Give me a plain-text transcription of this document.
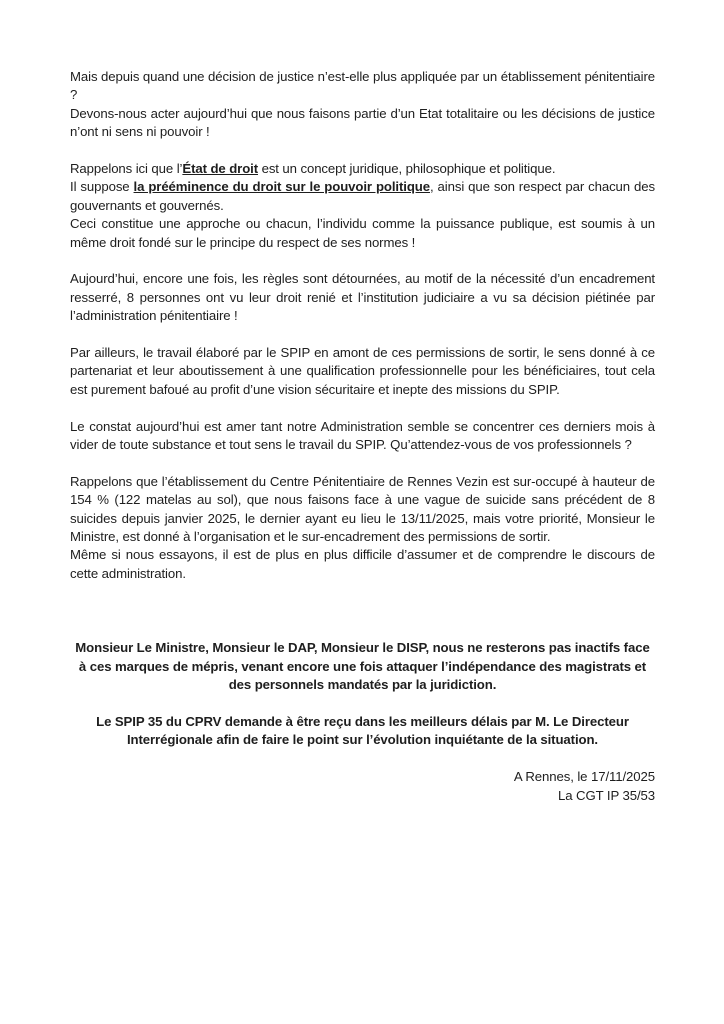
Mais depuis quand une décision de justice n’est-elle plus appliquée par un établissement pénitentiaire ?
Devons-nous acter aujourd’hui que nous faisons partie d’un Etat totalitaire ou les décisions de justice n’ont ni sens ni pouvoir !
Rappelons ici que l’État de droit est un concept juridique, philosophique et politique.
Il suppose la prééminence du droit sur le pouvoir politique, ainsi que son respect par chacun des gouvernants et gouvernés.
Ceci constitue une approche ou chacun, l’individu comme la puissance publique, est soumis à un même droit fondé sur le principe du respect de ses normes !

Aujourd’hui, encore une fois, les règles sont détournées, au motif de la nécessité d’un encadrement resserré, 8 personnes ont vu leur droit renié et l’institution judiciaire a vu sa décision piétinée par l’administration pénitentiaire !

Par ailleurs, le travail élaboré par le SPIP en amont de ces permissions de sortir, le sens donné à ce partenariat et leur aboutissement à une qualification professionnelle pour les bénéficiaires, tout cela est purement bafoué au profit d’une vision sécuritaire et inepte des missions du SPIP.

Le constat aujourd’hui est amer tant notre Administration semble se concentrer ces derniers mois à vider de toute substance et tout sens le travail du SPIP. Qu’attendez-vous de vos professionnels ?

Rappelons que l’établissement du Centre Pénitentiaire de Rennes Vezin est sur-occupé à hauteur de 154 % (122 matelas au sol), que nous faisons face à une vague de suicide sans précédent de 8 suicides depuis janvier 2025, le dernier ayant eu lieu le 13/11/2025, mais votre priorité, Monsieur le Ministre, est donné à l’organisation et le sur-encadrement des permissions de sortir.
Même si nous essayons, il est de plus en plus difficile d’assumer et de comprendre le discours de cette administration.

Monsieur Le Ministre, Monsieur le DAP, Monsieur le DISP, nous ne resterons pas inactifs face à ces marques de mépris, venant encore une fois attaquer l’indépendance des magistrats et des personnels mandatés par la juridiction.

Le SPIP 35 du CPRV demande à être reçu dans les meilleurs délais par M. Le Directeur Interrégionale afin de faire le point sur l’évolution inquiétante de la situation.

A Rennes, le 17/11/2025
La CGT IP 35/53
